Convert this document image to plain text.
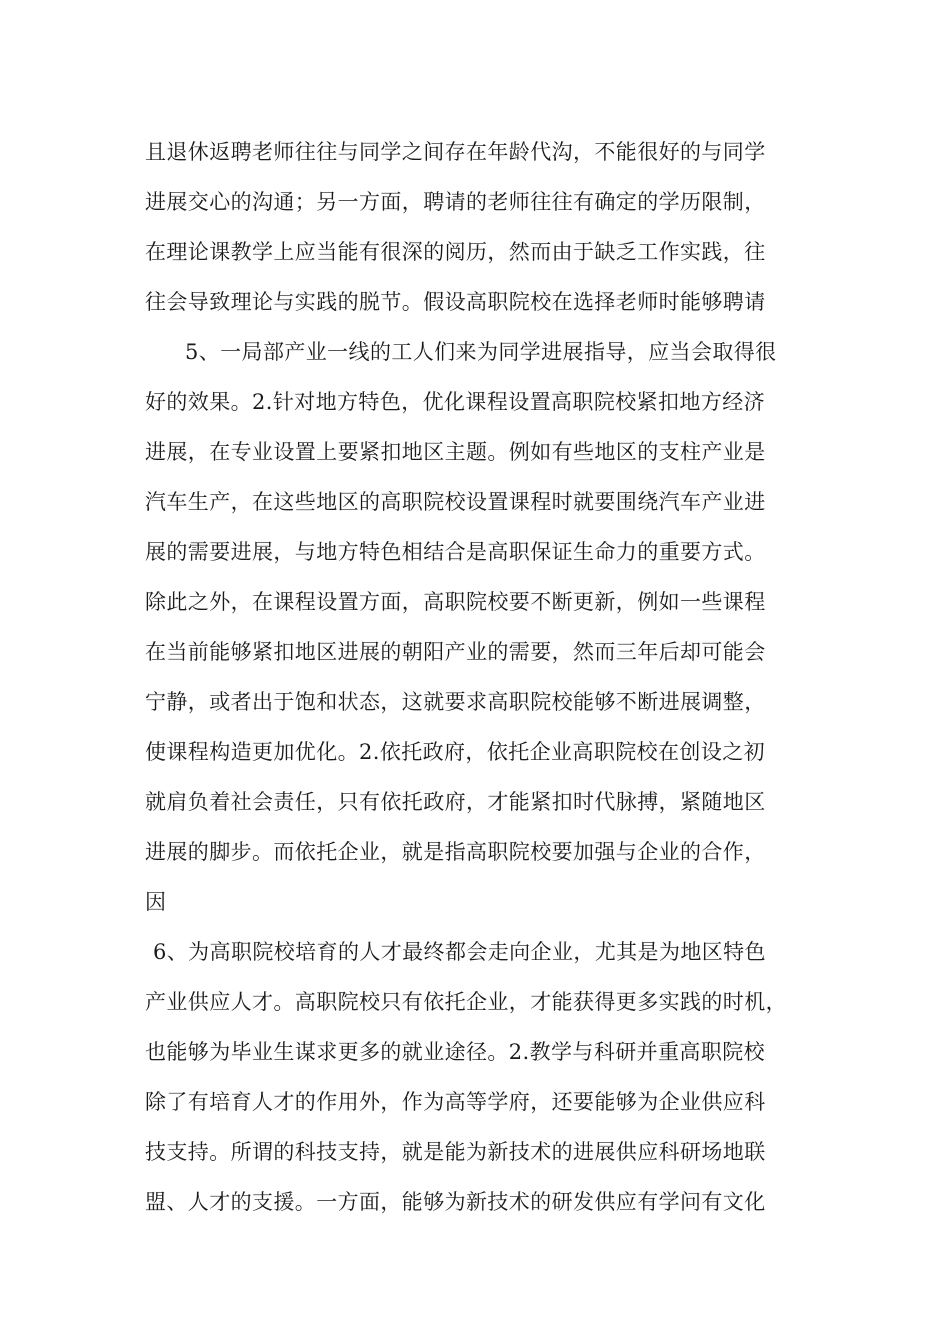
且退休返聘老师往往与同学之间存在年龄代沟，不能很好的与同学
进展交心的沟通；另一方面，聘请的老师往往有确定的学历限制，
在理论课教学上应当能有很深的阅历，然而由于缺乏工作实践，往
往会导致理论与实践的脱节。假设高职院校在选择老师时能够聘请
5、一局部产业一线的工人们来为同学进展指导，应当会取得很
好的效果。2.针对地方特色，优化课程设置高职院校紧扣地方经济
进展，在专业设置上要紧扣地区主题。例如有些地区的支柱产业是
汽车生产，在这些地区的高职院校设置课程时就要围绕汽车产业进
展的需要进展，与地方特色相结合是高职保证生命力的重要方式。
除此之外，在课程设置方面，高职院校要不断更新，例如一些课程
在当前能够紧扣地区进展的朝阳产业的需要，然而三年后却可能会
宁静，或者出于饱和状态，这就要求高职院校能够不断进展调整，
使课程构造更加优化。2.依托政府，依托企业高职院校在创设之初
就肩负着社会责任，只有依托政府，才能紧扣时代脉搏，紧随地区
进展的脚步。而依托企业，就是指高职院校要加强与企业的合作，
因
6、为高职院校培育的人才最终都会走向企业，尤其是为地区特色
产业供应人才。高职院校只有依托企业，才能获得更多实践的时机，
也能够为毕业生谋求更多的就业途径。2.教学与科研并重高职院校
除了有培育人才的作用外，作为高等学府，还要能够为企业供应科
技支持。所谓的科技支持，就是能为新技术的进展供应科研场地联
盟、人才的支援。一方面，能够为新技术的研发供应有学问有文化
